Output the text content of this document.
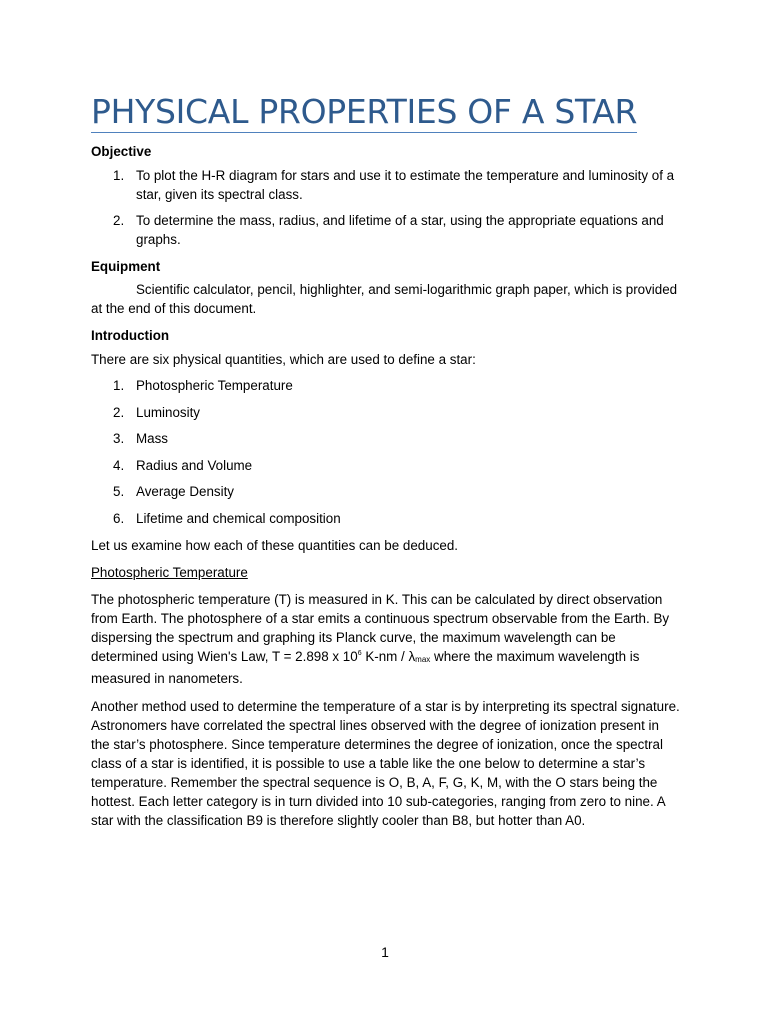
PHYSICAL PROPERTIES OF A STAR
Objective
1. To plot the H-R diagram for stars and use it to estimate the temperature and luminosity of a star, given its spectral class.
2. To determine the mass, radius, and lifetime of a star, using the appropriate equations and graphs.
Equipment

Scientific calculator, pencil, highlighter, and semi-logarithmic graph paper, which is provided at the end of this document.

Introduction

There are six physical quantities, which are used to define a star:

1. Photospheric Temperature
2. Luminosity
3. Mass
4. Radius and Volume
5. Average Density
6. Lifetime and chemical composition

Let us examine how each of these quantities can be deduced.

Photospheric Temperature

The photospheric temperature (T) is measured in K. This can be calculated by direct observation from Earth. The photosphere of a star emits a continuous spectrum observable from the Earth. By dispersing the spectrum and graphing its Planck curve, the maximum wavelength can be determined using Wien's Law, T = 2.898 x $10^6$ K-nm / λmax where the maximum wavelength is measured in nanometers.

Another method used to determine the temperature of a star is by interpreting its spectral signature. Astronomers have correlated the spectral lines observed with the degree of ionization present in the star’s photosphere. Since temperature determines the degree of ionization, once the spectral class of a star is identified, it is possible to use a table like the one below to determine a star’s temperature. Remember the spectral sequence is O, B, A, F, G, K, M, with the O stars being the hottest. Each letter category is in turn divided into 10 sub-categories, ranging from zero to nine. A star with the classification B9 is therefore slightly cooler than B8, but hotter than A0.

1
